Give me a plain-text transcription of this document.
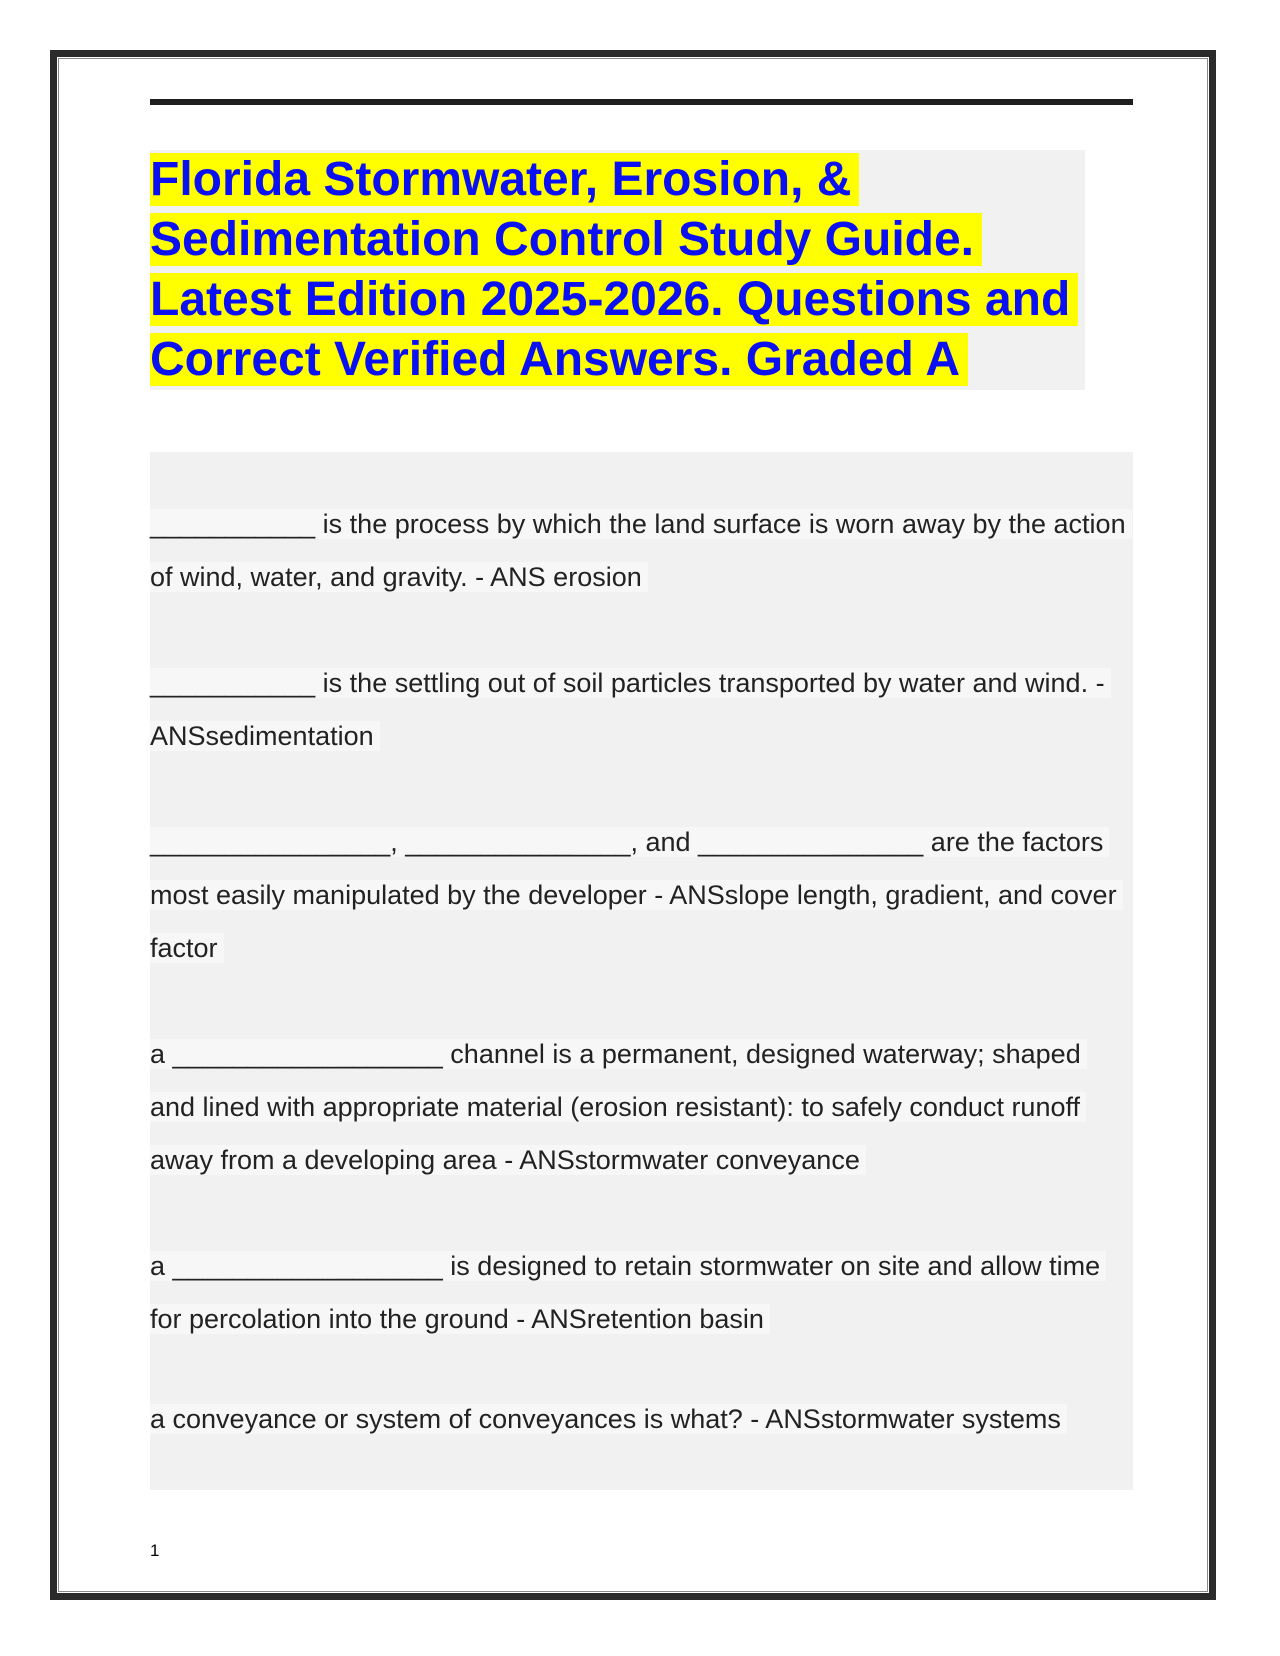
Florida Stormwater, Erosion, & Sedimentation Control Study Guide. Latest Edition 2025-2026. Questions and Correct Verified Answers. Graded A
___________ is the process by which the land surface is worn away by the action of wind, water, and gravity. - ANS erosion
___________ is the settling out of soil particles transported by water and wind. - ANSsedimentation
________________, _______________, and _______________ are the factors most easily manipulated by the developer - ANSslope length, gradient, and cover factor
a __________________ channel is a permanent, designed waterway; shaped and lined with appropriate material (erosion resistant): to safely conduct runoff away from a developing area - ANSstormwater conveyance
a __________________ is designed to retain stormwater on site and allow time for percolation into the ground - ANSretention basin
a conveyance or system of conveyances is what? - ANSstormwater systems
1
